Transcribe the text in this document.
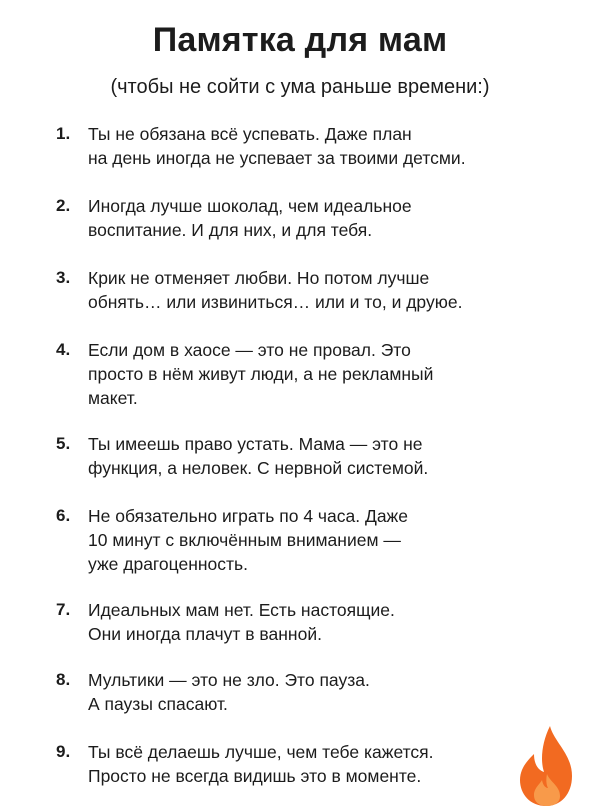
Памятка для мам
(чтобы не сойти с ума раньше времени:)
1. Ты не обязана всё успевать. Даже план
на день иногда не успевает за твоими детсми.
2. Иногда лучше шоколад, чем идеальное
воспитание. И для них, и для тебя.
3. Крик не отменяет любви. Но потом лучше
обнять… или извиниться… или и то, и друюе.
4. Если дом в хаосе — это не провал. Это
просто в нём живут люди, а не рекламный
макет.
5. Ты имеешь право устать. Мама — это не
функция, а неловек. С нервной системой.
6. Не обязательно играть по 4 часа. Даже
10 минут с включённым вниманием —
уже драгоценность.
7. Идеальных мам нет. Есть настоящие.
Они иногда плачут в ванной.
8. Мультики — это не зло. Это пауза.
А паузы спасают.
9. Ты всё делаешь лучше, чем тебе кажется.
Просто не всегда видишь это в моменте.
